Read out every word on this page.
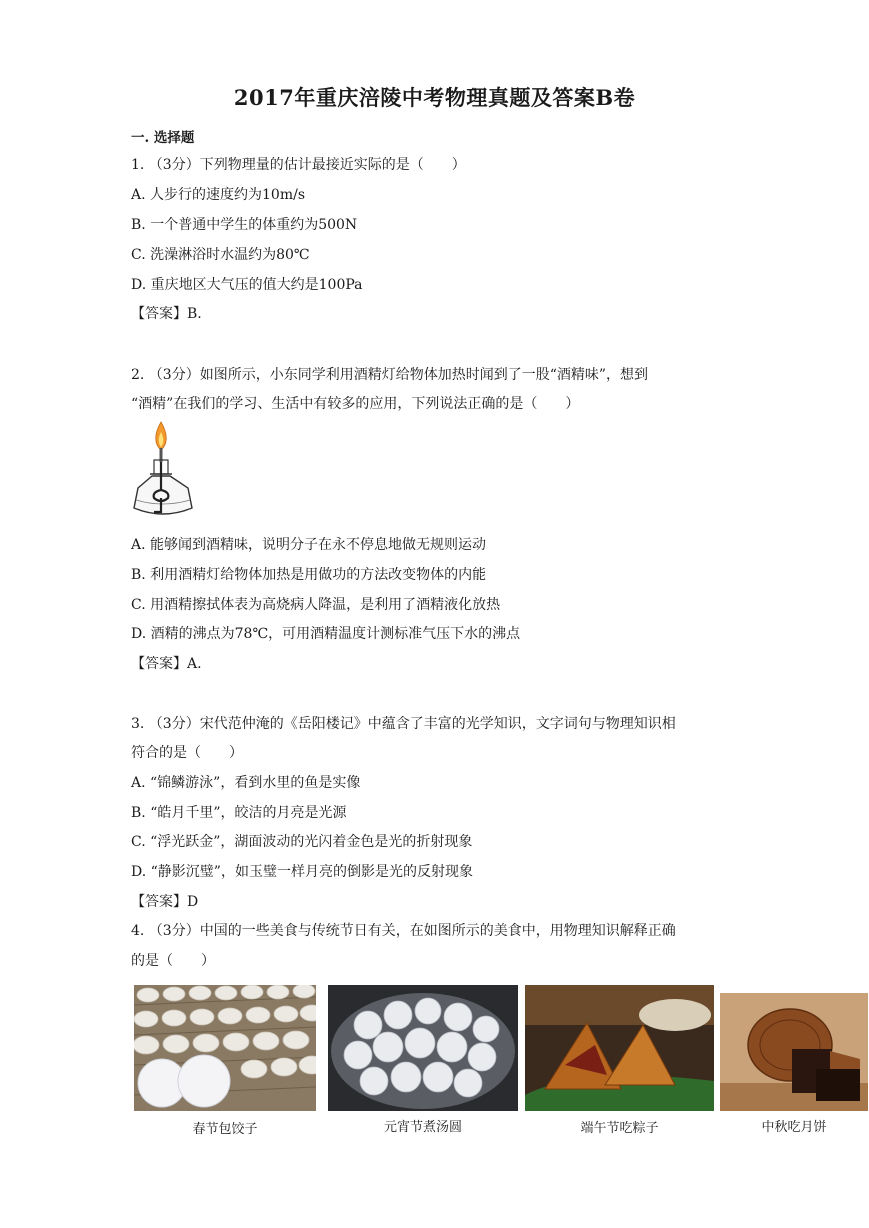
2017年重庆涪陵中考物理真题及答案B卷
一. 选择题
1. （3分）下列物理量的估计最接近实际的是（　　）
A. 人步行的速度约为10m/s
B. 一个普通中学生的体重约为500N
C. 洗澡淋浴时水温约为80℃
D. 重庆地区大气压的值大约是100Pa
【答案】B.
2. （3分）如图所示，小东同学利用酒精灯给物体加热时闻到了一股“酒精味”，想到
“酒精”在我们的学习、生活中有较多的应用，下列说法正确的是（　　）
A. 能够闻到酒精味，说明分子在永不停息地做无规则运动
B. 利用酒精灯给物体加热是用做功的方法改变物体的内能
C. 用酒精擦拭体表为高烧病人降温，是利用了酒精液化放热
D. 酒精的沸点为78℃，可用酒精温度计测标准气压下水的沸点
【答案】A.
3. （3分）宋代范仲淹的《岳阳楼记》中蕴含了丰富的光学知识，文字词句与物理知识相
符合的是（　　）
A. “锦鳞游泳”，看到水里的鱼是实像
B. “皓月千里”，皎洁的月亮是光源
C. “浮光跃金”，湖面波动的光闪着金色是光的折射现象
D. “静影沉璧”，如玉璧一样月亮的倒影是光的反射现象
【答案】D
4. （3分）中国的一些美食与传统节日有关，在如图所示的美食中，用物理知识解释正确
的是（　　）
春节包饺子	元宵节煮汤圆	端午节吃粽子	中秋吃月饼
